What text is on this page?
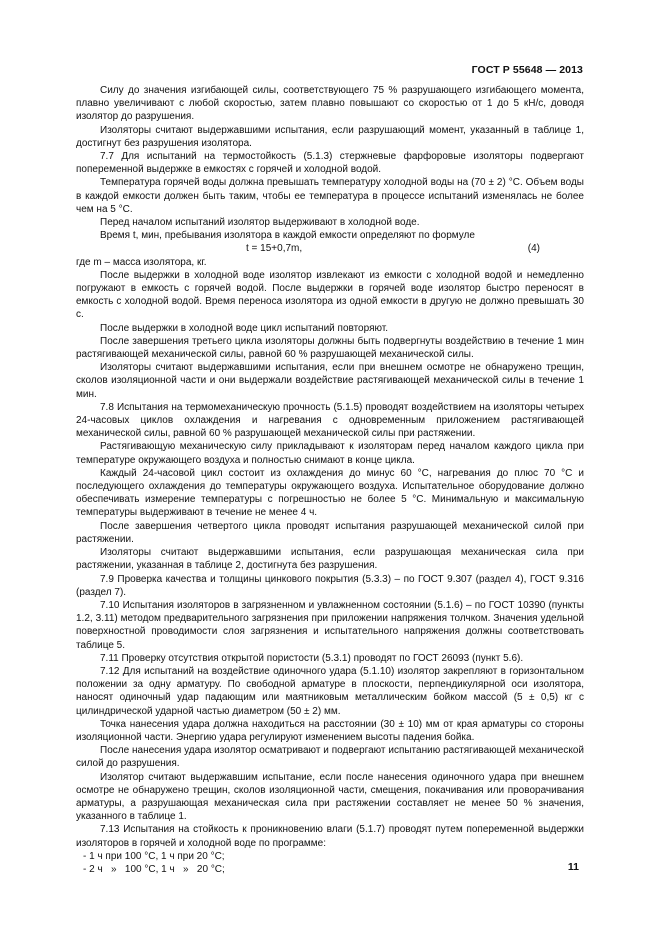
ГОСТ Р 55648 — 2013

Силу до значения изгибающей силы, соответствующего 75 % разрушающего изгибающего момента, плавно увеличивают с любой скоростью, затем плавно повышают со скоростью от 1 до 5 кН/с, доводя изолятор до разрушения.

Изоляторы считают выдержавшими испытания, если разрушающий момент, указанный в таблице 1, достигнут без разрушения изолятора.

7.7 Для испытаний на термостойкость (5.1.3) стержневые фарфоровые изоляторы подвергают попеременной выдержке в емкостях с горячей и холодной водой.

Температура горячей воды должна превышать температуру холодной воды на (70 ± 2) °С. Объем воды в каждой емкости должен быть таким, чтобы ее температура в процессе испытаний изменялась не более чем на 5 °С.

Перед началом испытаний изолятор выдерживают в холодной воде.

Время t, мин, пребывания изолятора в каждой емкости определяют по формуле

t = 15+0,7m,	(4)

где m – масса изолятора, кг.

После выдержки в холодной воде изолятор извлекают из емкости с холодной водой и немедленно погружают в емкость с горячей водой. После выдержки в горячей воде изолятор быстро переносят в емкость с холодной водой. Время переноса изолятора из одной емкости в другую не должно превышать 30 с.

После выдержки в холодной воде цикл испытаний повторяют.

После завершения третьего цикла изоляторы должны быть подвергнуты воздействию в течение 1 мин растягивающей механической силы, равной 60 % разрушающей механической силы.

Изоляторы считают выдержавшими испытания, если при внешнем осмотре не обнаружено трещин, сколов изоляционной части и они выдержали воздействие растягивающей механической силы в течение 1 мин.

7.8 Испытания на термомеханическую прочность (5.1.5) проводят воздействием на изоляторы четырех 24-часовых циклов охлаждения и нагревания с одновременным приложением растягивающей механической силы, равной 60 % разрушающей механической силы при растяжении.

Растягивающую механическую силу прикладывают к изоляторам перед началом каждого цикла при температуре окружающего воздуха и полностью снимают в конце цикла.

Каждый 24-часовой цикл состоит из охлаждения до минус 60 °С, нагревания до плюс 70 °С и последующего охлаждения до температуры окружающего воздуха. Испытательное оборудование должно обеспечивать измерение температуры с погрешностью не более 5 °С. Минимальную и максимальную температуры выдерживают в течение не менее 4 ч.

После завершения четвертого цикла проводят испытания разрушающей механической силой при растяжении.

Изоляторы считают выдержавшими испытания, если разрушающая механическая сила при растяжении, указанная в таблице 2, достигнута без разрушения.

7.9 Проверка качества и толщины цинкового покрытия (5.3.3) – по ГОСТ 9.307 (раздел 4), ГОСТ 9.316 (раздел 7).

7.10 Испытания изоляторов в загрязненном и увлажненном состоянии (5.1.6) – по ГОСТ 10390 (пункты 1.2, 3.11) методом предварительного загрязнения при приложении напряжения толчком. Значения удельной поверхностной проводимости слоя загрязнения и испытательного напряжения должны соответствовать таблице 5.

7.11 Проверку отсутствия открытой пористости (5.3.1) проводят по ГОСТ 26093 (пункт 5.6).

7.12 Для испытаний на воздействие одиночного удара (5.1.10) изолятор закрепляют в горизонтальном положении за одну арматуру. По свободной арматуре в плоскости, перпендикулярной оси изолятора, наносят одиночный удар падающим или маятниковым металлическим бойком массой (5 ± 0,5) кг с цилиндрической ударной частью диаметром (50 ± 2) мм.

Точка нанесения удара должна находиться на расстоянии (30 ± 10) мм от края арматуры со стороны изоляционной части. Энергию удара регулируют изменением высоты падения бойка.

После нанесения удара изолятор осматривают и подвергают испытанию растягивающей механической силой до разрушения.

Изолятор считают выдержавшим испытание, если после нанесения одиночного удара при внешнем осмотре не обнаружено трещин, сколов изоляционной части, смещения, покачивания или проворачивания арматуры, а разрушающая механическая сила при растяжении составляет не менее 50 % значения, указанного в таблице 1.

7.13 Испытания на стойкость к проникновению влаги (5.1.7) проводят путем попеременной выдержки изоляторов в горячей и холодной воде по программе:

- 1 ч при 100 °С, 1 ч при 20 °С;

- 2 ч   »   100 °С, 1 ч   »   20 °С;	11
